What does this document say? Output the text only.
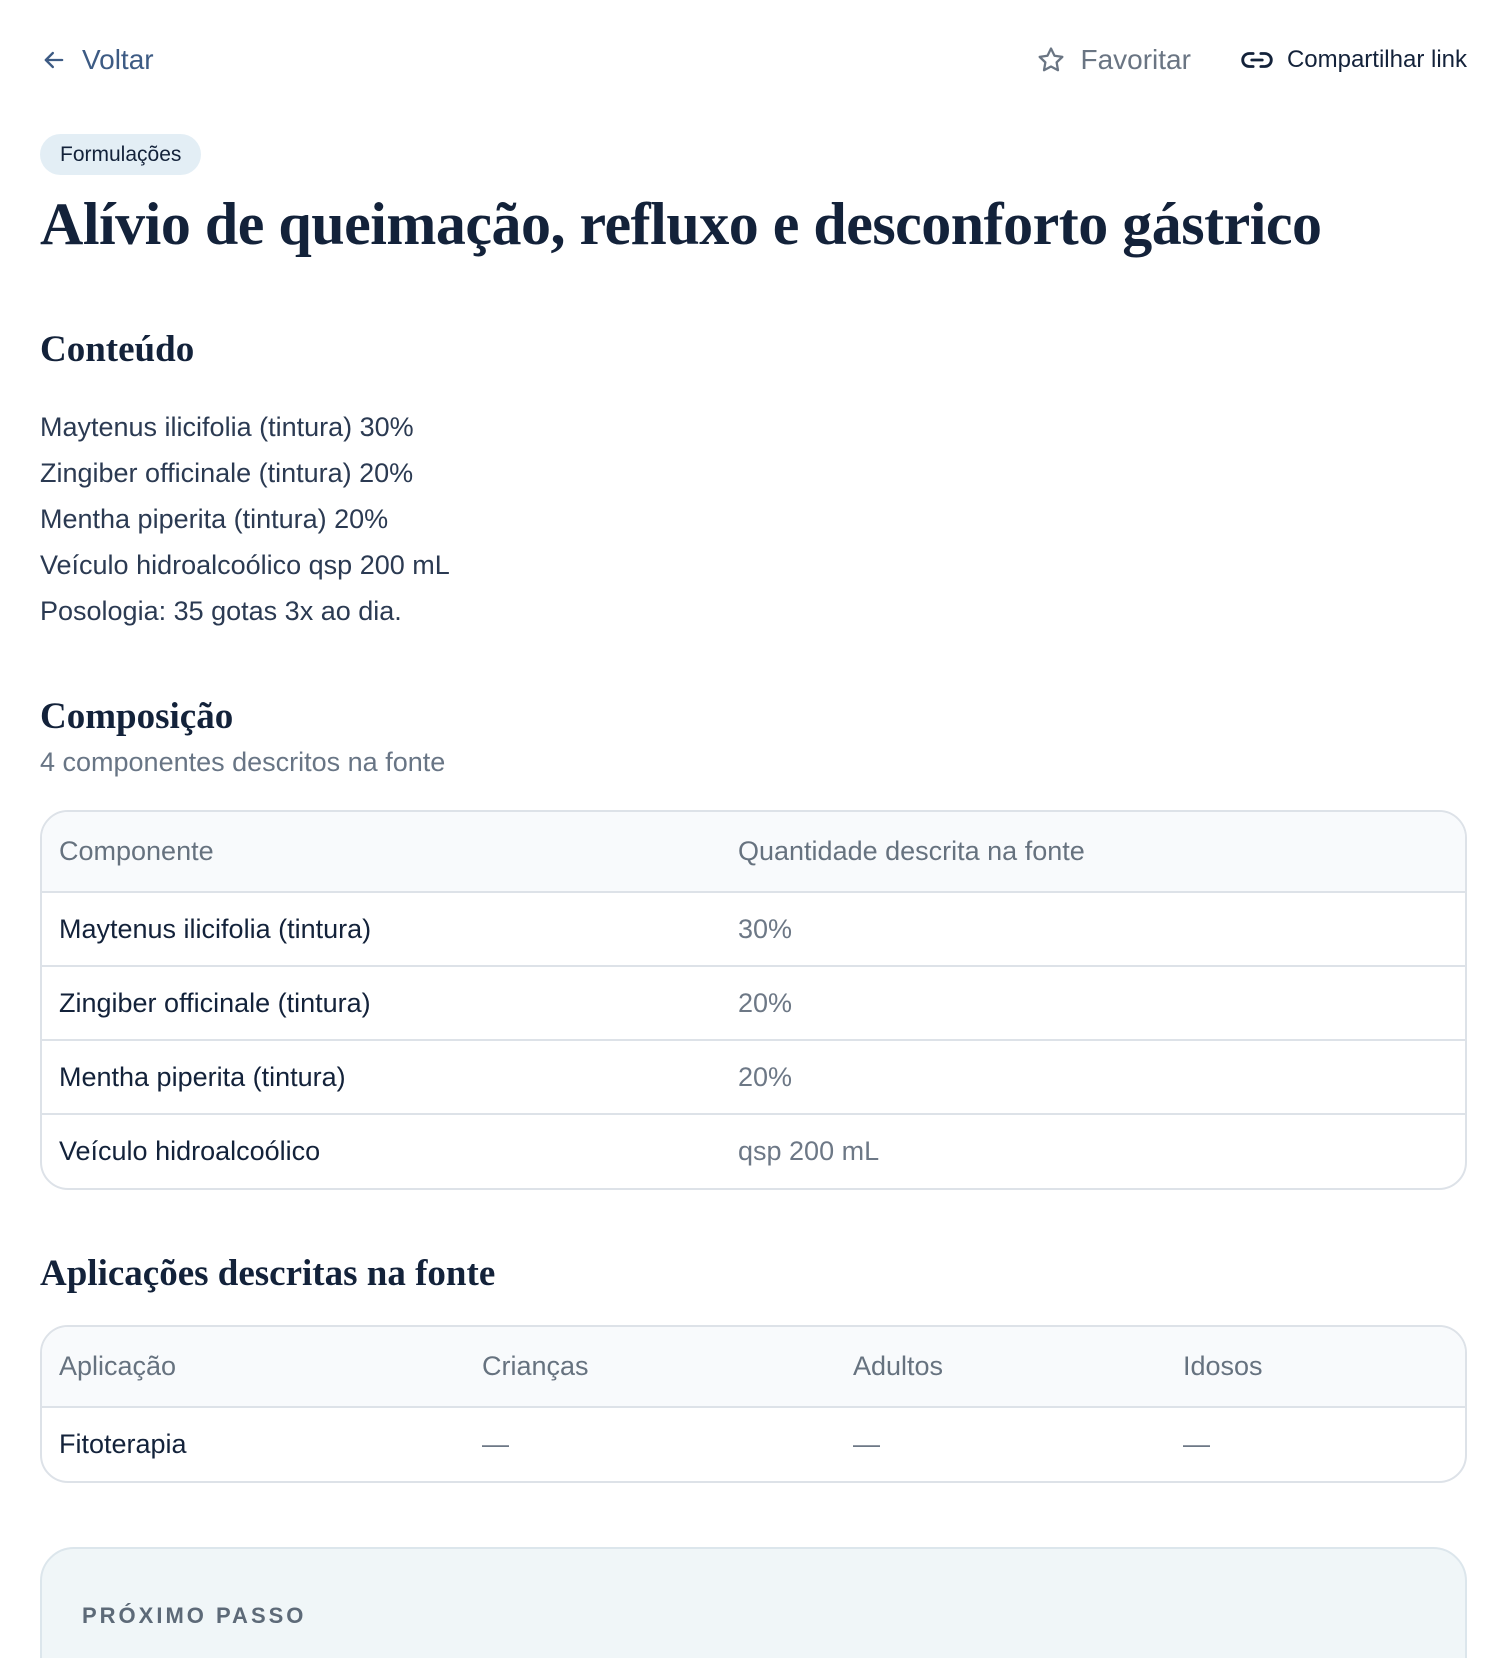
Voltar	Favoritar	Compartilhar link
Formulações
Alívio de queimação, refluxo e desconforto gástrico
Conteúdo
Maytenus ilicifolia (tintura) 30%
Zingiber officinale (tintura) 20%
Mentha piperita (tintura) 20%
Veículo hidroalcoólico qsp 200 mL
Posologia: 35 gotas 3x ao dia.
Composição

4 componentes descritos na fonte

Componente	Quantidade descrita na fonte
Maytenus ilicifolia (tintura)	30%
Zingiber officinale (tintura)	20%
Mentha piperita (tintura)	20%
Veículo hidroalcoólico	qsp 200 mL
Aplicações descritas na fonte
Aplicação	Crianças	Adultos	Idosos
Fitoterapia	—	—	—
PRÓXIMO PASSO
